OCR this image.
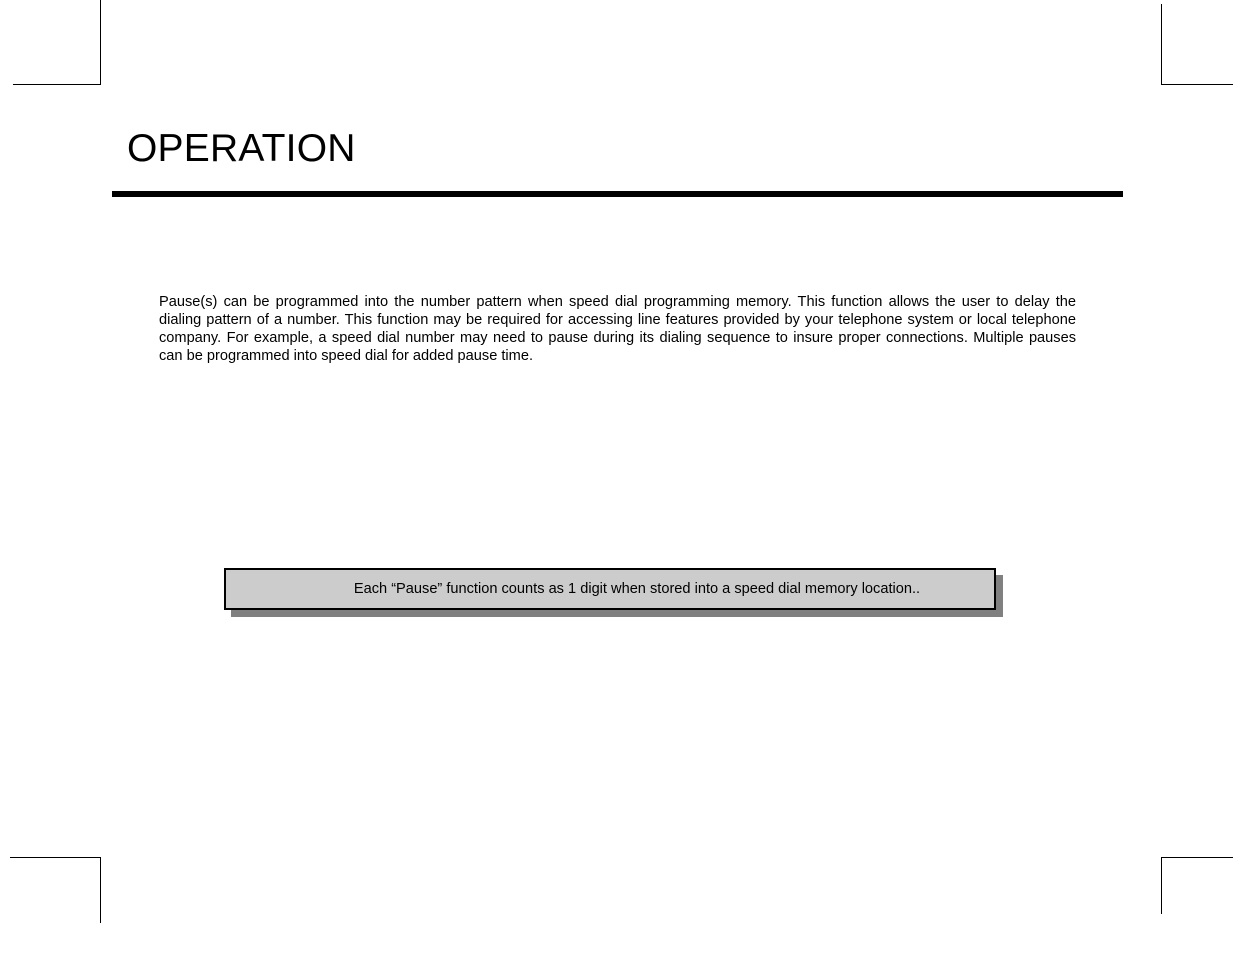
OPERATION

Pause(s) can be programmed into the number pattern when speed dial programming memory. This function allows the user to delay the dialing pattern of a number. This function may be required for accessing line features provided by your telephone system or local telephone company. For example, a speed dial number may need to pause during its dialing sequence to insure proper connections. Multiple pauses can be programmed into speed dial for added pause time.

Each “Pause” function counts as 1 digit when stored into a speed dial memory location..
